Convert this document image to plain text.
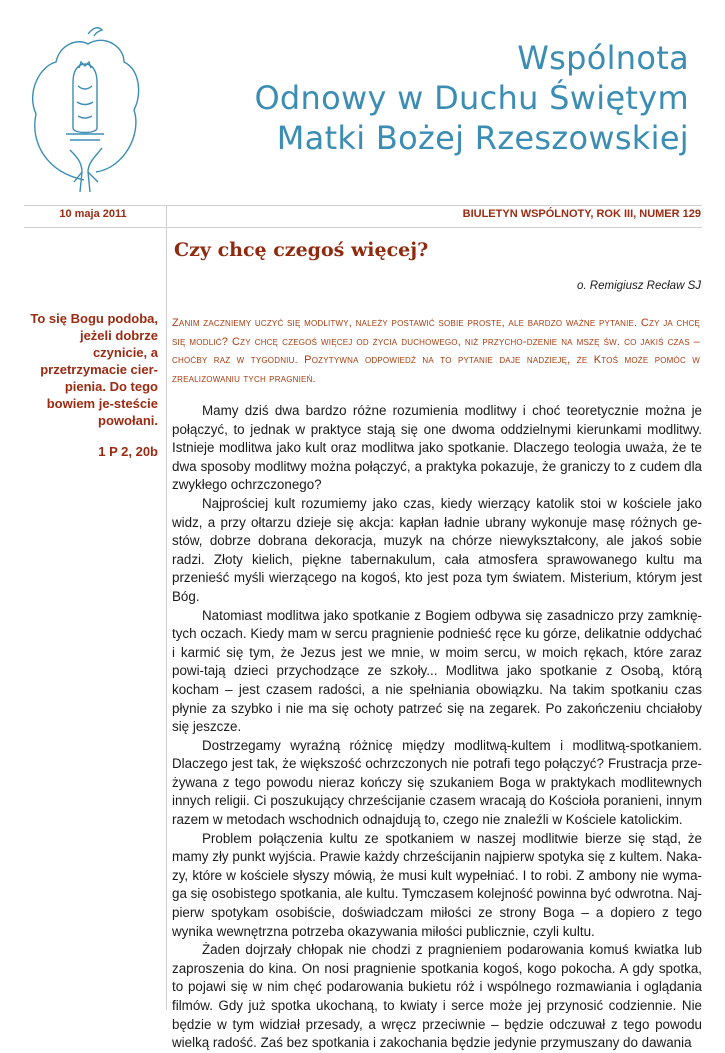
Wspólnota
Odnowy w Duchu Świętym
Matki Bożej Rzeszowskiej
10 maja 2011	BIULETYN WSPÓLNOTY, ROK III, NUMER 129
To się Bogu podoba, jeżeli dobrze czynicie, a przetrzymacie cier-pienia. Do tego bowiem je-steście powołani.
1 P 2, 20b
Czy chcę czegoś więcej?
o. Remigiusz Recław SJ
Zanim zaczniemy uczyć się modlitwy, należy postawić sobie proste, ale bardzo ważne pytanie. Czy ja chcę się modlić? Czy chcę czegoś więcej od życia duchowego, niż przycho-dzenie na mszę św. co jakiś czas – choćby raz w tygodniu. Pozytywna odpowiedź na to pytanie daje nadzieję, że Ktoś może pomóc w zrealizowaniu tych pragnień.

Mamy dziś dwa bardzo różne rozumienia modlitwy i choć teoretycznie można je połączyć, to jednak w praktyce stają się one dwoma oddzielnymi kierunkami modlitwy. Istnieje modlitwa jako kult oraz modlitwa jako spotkanie. Dlaczego teologia uważa, że te dwa sposoby modlitwy można połączyć, a praktyka pokazuje, że graniczy to z cudem dla zwykłego ochrzczonego?

Najprościej kult rozumiemy jako czas, kiedy wierzący katolik stoi w kościele jako widz, a przy ołtarzu dzieje się akcja: kapłan ładnie ubrany wykonuje masę różnych ge-stów, dobrze dobrana dekoracja, muzyk na chórze niewykształcony, ale jakoś sobie radzi. Złoty kielich, piękne tabernakulum, cała atmosfera sprawowanego kultu ma przenieść myśli wierzącego na kogoś, kto jest poza tym światem. Misterium, którym jest Bóg.

Natomiast modlitwa jako spotkanie z Bogiem odbywa się zasadniczo przy zamknię-tych oczach. Kiedy mam w sercu pragnienie podnieść ręce ku górze, delikatnie oddychać i karmić się tym, że Jezus jest we mnie, w moim sercu, w moich rękach, które zaraz powi-tają dzieci przychodzące ze szkoły... Modlitwa jako spotkanie z Osobą, którą kocham – jest czasem radości, a nie spełniania obowiązku. Na takim spotkaniu czas płynie za szybko i nie ma się ochoty patrzeć się na zegarek. Po zakończeniu chciałoby się jeszcze.

Dostrzegamy wyraźną różnicę między modlitwą-kultem i modlitwą-spotkaniem. Dlaczego jest tak, że większość ochrzczonych nie potrafi tego połączyć? Frustracja prze-żywana z tego powodu nieraz kończy się szukaniem Boga w praktykach modlitewnych innych religii. Ci poszukujący chrześcijanie czasem wracają do Kościoła poranieni, innym razem w metodach wschodnich odnajdują to, czego nie znaleźli w Kościele katolickim.

Problem połączenia kultu ze spotkaniem w naszej modlitwie bierze się stąd, że mamy zły punkt wyjścia. Prawie każdy chrześcijanin najpierw spotyka się z kultem. Naka-zy, które w kościele słyszy mówią, że musi kult wypełniać. I to robi. Z ambony nie wyma-ga się osobistego spotkania, ale kultu. Tymczasem kolejność powinna być odwrotna. Naj-pierw spotykam osobiście, doświadczam miłości ze strony Boga – a dopiero z tego wynika wewnętrzna potrzeba okazywania miłości publicznie, czyli kultu.

Żaden dojrzały chłopak nie chodzi z pragnieniem podarowania komuś kwiatka lub zaproszenia do kina. On nosi pragnienie spotkania kogoś, kogo pokocha. A gdy spotka, to pojawi się w nim chęć podarowania bukietu róż i wspólnego rozmawiania i oglądania filmów. Gdy już spotka ukochaną, to kwiaty i serce może jej przynosić codziennie. Nie będzie w tym widział przesady, a wręcz przeciwnie – będzie odczuwał z tego powodu wielką radość. Zaś bez spotkania i zakochania będzie jedynie przymuszany do dawania
